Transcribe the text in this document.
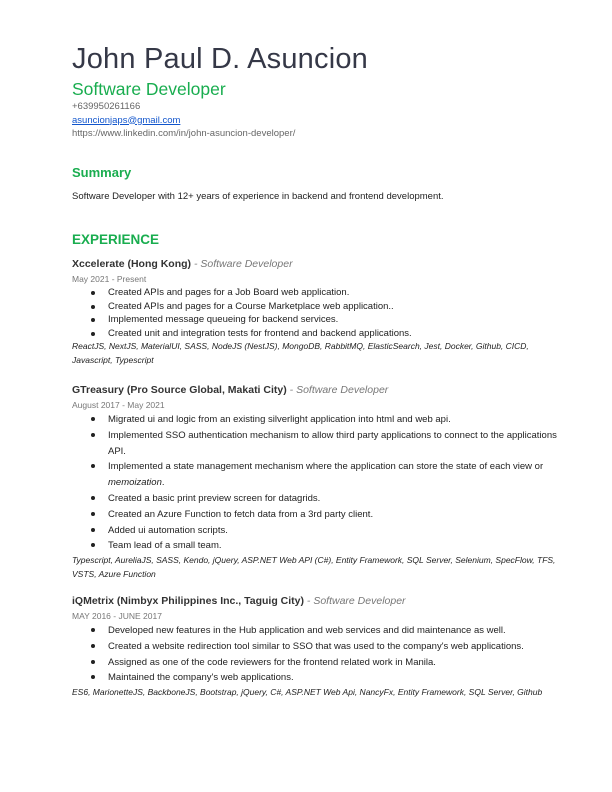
John Paul D. Asuncion
Software Developer
+639950261166
asuncionjaps@gmail.com
https://www.linkedin.com/in/john-asuncion-developer/
Summary
Software Developer with 12+ years of experience in backend and frontend development.
EXPERIENCE
Xccelerate (Hong Kong) - Software Developer
May 2021 - Present
Created APIs and pages for a Job Board web application.
Created APIs and pages for a Course Marketplace web application..
Implemented message queueing for backend services.
Created unit and integration tests for frontend and backend applications.
ReactJS, NextJS, MaterialUI, SASS, NodeJS (NestJS), MongoDB, RabbitMQ, ElasticSearch, Jest, Docker, Github, CICD, Javascript, Typescript
GTreasury (Pro Source Global, Makati City) - Software Developer
August 2017 - May 2021
Migrated ui and logic from an existing silverlight application into html and web api.
Implemented SSO authentication mechanism to allow third party applications to connect to the applications API.
Implemented a state management mechanism where the application can store the state of each view or memoization.
Created a basic print preview screen for datagrids.
Created an Azure Function to fetch data from a 3rd party client.
Added ui automation scripts.
Team lead of a small team.
Typescript, AureliaJS, SASS, Kendo, jQuery, ASP.NET Web API (C#), Entity Framework, SQL Server, Selenium, SpecFlow, TFS, VSTS, Azure Function
iQMetrix (Nimbyx Philippines Inc., Taguig City) - Software Developer
MAY 2016 - JUNE 2017
Developed new features in the Hub application and web services and did maintenance as well.
Created a website redirection tool similar to SSO that was used to the company's web applications.
Assigned as one of the code reviewers for the frontend related work in Manila.
Maintained the company's web applications.
ES6, MarionetteJS, BackboneJS, Bootstrap, jQuery, C#, ASP.NET Web Api, NancyFx, Entity Framework, SQL Server, Github
